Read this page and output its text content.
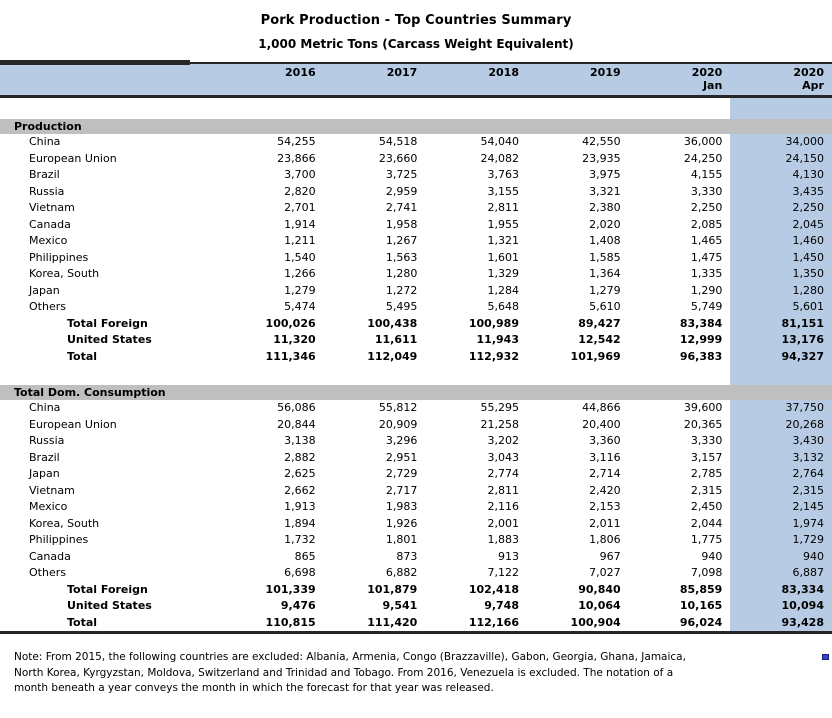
Pork Production - Top Countries Summary
1,000 Metric Tons (Carcass Weight Equivalent)
2016	2017	2018	2019	2020	2020
Jan	Apr
Production
China	54,255	54,518	54,040	42,550	36,000	34,000
European Union	23,866	23,660	24,082	23,935	24,250	24,150
Brazil	3,700	3,725	3,763	3,975	4,155	4,130
Russia	2,820	2,959	3,155	3,321	3,330	3,435
Vietnam	2,701	2,741	2,811	2,380	2,250	2,250
Canada	1,914	1,958	1,955	2,020	2,085	2,045
Mexico	1,211	1,267	1,321	1,408	1,465	1,460
Philippines	1,540	1,563	1,601	1,585	1,475	1,450
Korea, South	1,266	1,280	1,329	1,364	1,335	1,350
Japan	1,279	1,272	1,284	1,279	1,290	1,280
Others	5,474	5,495	5,648	5,610	5,749	5,601
Total Foreign	100,026	100,438	100,989	89,427	83,384	81,151
United States	11,320	11,611	11,943	12,542	12,999	13,176
Total	111,346	112,049	112,932	101,969	96,383	94,327
Total Dom. Consumption
China	56,086	55,812	55,295	44,866	39,600	37,750
European Union	20,844	20,909	21,258	20,400	20,365	20,268
Russia	3,138	3,296	3,202	3,360	3,330	3,430
Brazil	2,882	2,951	3,043	3,116	3,157	3,132
Japan	2,625	2,729	2,774	2,714	2,785	2,764
Vietnam	2,662	2,717	2,811	2,420	2,315	2,315
Mexico	1,913	1,983	2,116	2,153	2,450	2,145
Korea, South	1,894	1,926	2,001	2,011	2,044	1,974
Philippines	1,732	1,801	1,883	1,806	1,775	1,729
Canada	865	873	913	967	940	940
Others	6,698	6,882	7,122	7,027	7,098	6,887
Total Foreign	101,339	101,879	102,418	90,840	85,859	83,334
United States	9,476	9,541	9,748	10,064	10,165	10,094
Total	110,815	111,420	112,166	100,904	96,024	93,428
Note: From 2015, the following countries are excluded: Albania, Armenia, Congo (Brazzaville), Gabon, Georgia, Ghana, Jamaica,
North Korea, Kyrgyzstan, Moldova, Switzerland and Trinidad and Tobago. From 2016, Venezuela is excluded. The notation of a
month beneath a year conveys the month in which the forecast for that year was released.
